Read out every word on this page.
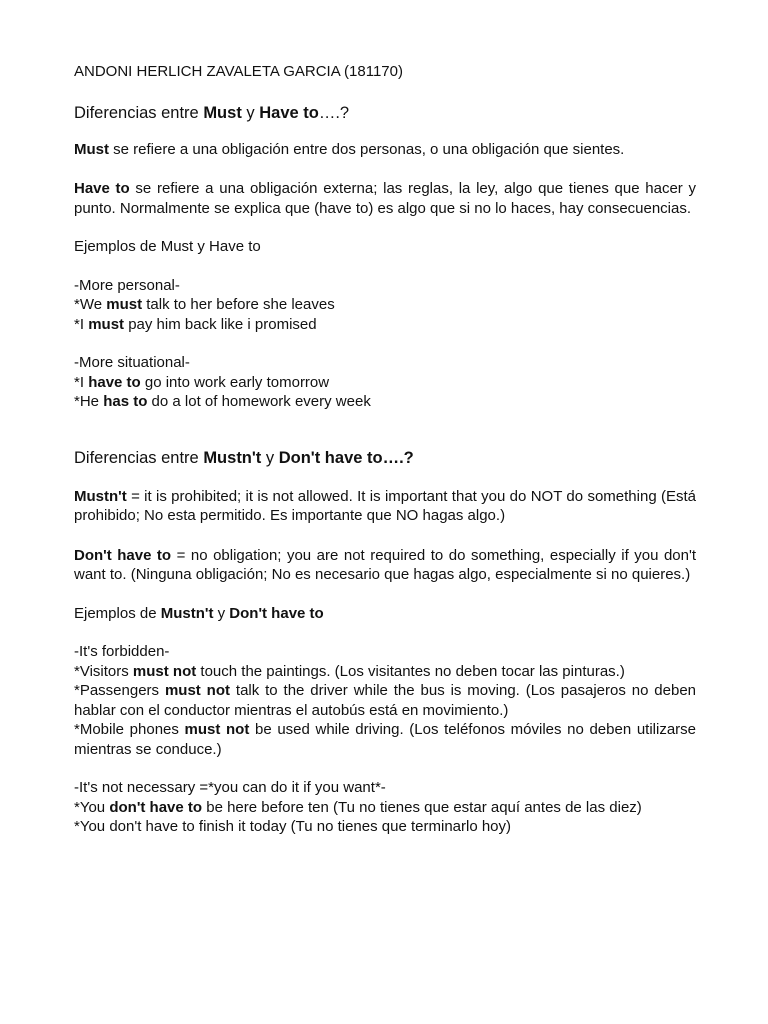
ANDONI HERLICH ZAVALETA GARCIA (181170)

Diferencias entre Must y Have to….?

Must se refiere a una obligación entre dos personas, o una obligación que sientes.

Have to se refiere a una obligación externa; las reglas, la ley, algo que tienes que hacer y punto. Normalmente se explica que (have to) es algo que si no lo haces, hay consecuencias.

Ejemplos de Must y Have to

-More personal-

*We must talk to her before she leaves

*I must pay him back like i promised

-More situational-

*I have to go into work early tomorrow

*He has to do a lot of homework every week

Diferencias entre Mustn't y Don't have to….?

Mustn't = it is prohibited; it is not allowed. It is important that you do NOT do something (Está prohibido; No esta permitido. Es importante que NO hagas algo.)

Don't have to = no obligation; you are not required to do something, especially if you don't want to. (Ninguna obligación; No es necesario que hagas algo, especialmente si no quieres.)

Ejemplos de Mustn't y Don't have to

-It's forbidden-

*Visitors must not touch the paintings. (Los visitantes no deben tocar las pinturas.)

*Passengers must not talk to the driver while the bus is moving. (Los pasajeros no deben hablar con el conductor mientras el autobús está en movimiento.)

*Mobile phones must not be used while driving. (Los teléfonos móviles no deben utilizarse mientras se conduce.)

-It's not necessary =*you can do it if you want*-

*You don't have to be here before ten (Tu no tienes que estar aquí antes de las diez)

*You don't have to finish it today (Tu no tienes que terminarlo hoy)
